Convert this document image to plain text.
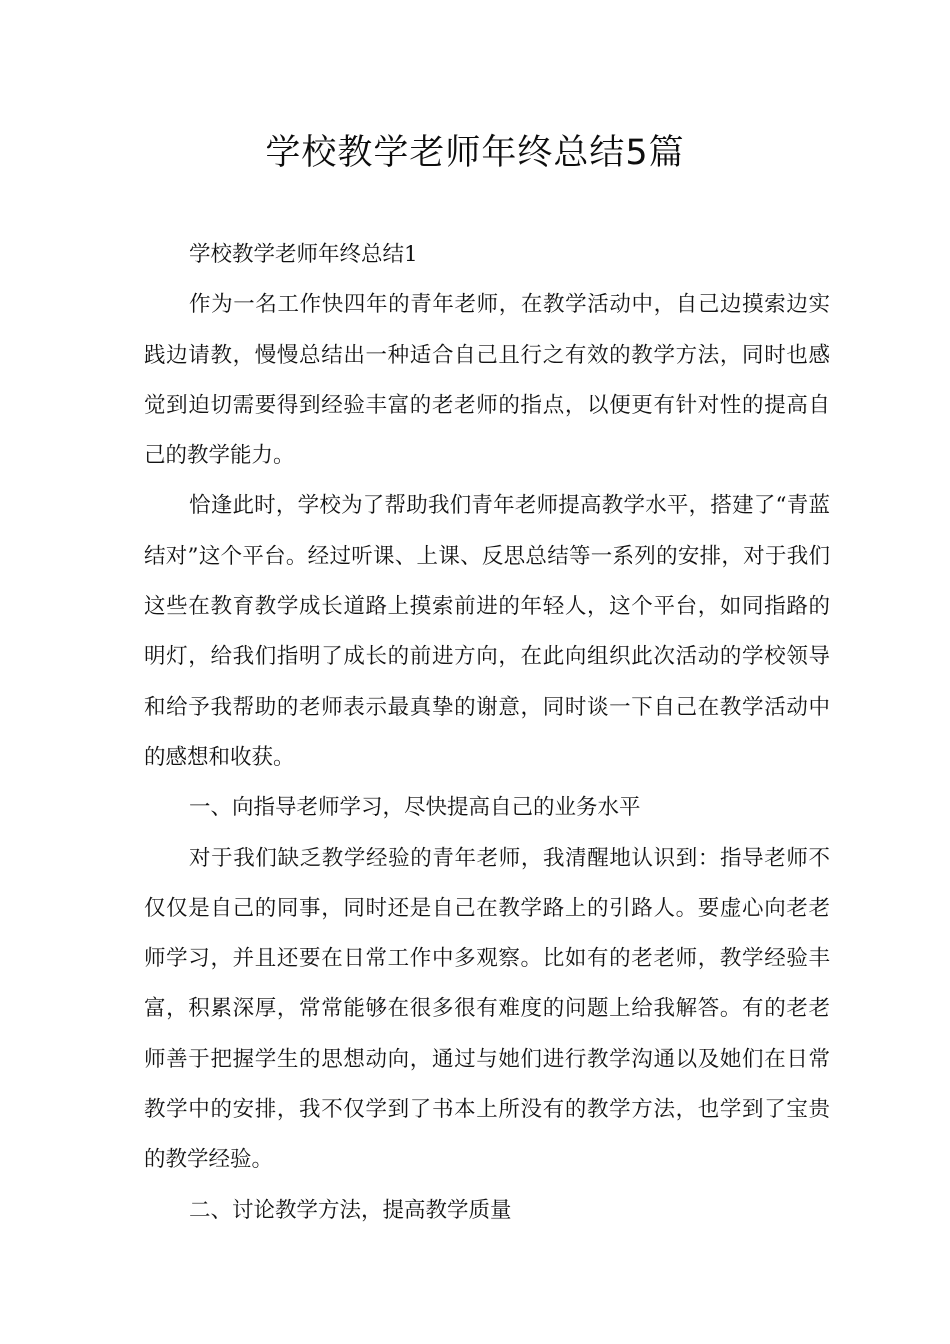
学校教学老师年终总结5篇

学校教学老师年终总结1

作为一名工作快四年的青年老师，在教学活动中，自己边摸索边实践边请教，慢慢总结出一种适合自己且行之有效的教学方法，同时也感觉到迫切需要得到经验丰富的老老师的指点，以便更有针对性的提高自己的教学能力。

恰逢此时，学校为了帮助我们青年老师提高教学水平，搭建了“青蓝结对”这个平台。经过听课、上课、反思总结等一系列的安排，对于我们这些在教育教学成长道路上摸索前进的年轻人，这个平台，如同指路的明灯，给我们指明了成长的前进方向，在此向组织此次活动的学校领导和给予我帮助的老师表示最真挚的谢意，同时谈一下自己在教学活动中的感想和收获。

一、向指导老师学习，尽快提高自己的业务水平

对于我们缺乏教学经验的青年老师，我清醒地认识到：指导老师不仅仅是自己的同事，同时还是自己在教学路上的引路人。要虚心向老老师学习，并且还要在日常工作中多观察。比如有的老老师，教学经验丰富，积累深厚，常常能够在很多很有难度的问题上给我解答。有的老老师善于把握学生的思想动向，通过与她们进行教学沟通以及她们在日常教学中的安排，我不仅学到了书本上所没有的教学方法，也学到了宝贵的教学经验。

二、讨论教学方法，提高教学质量
